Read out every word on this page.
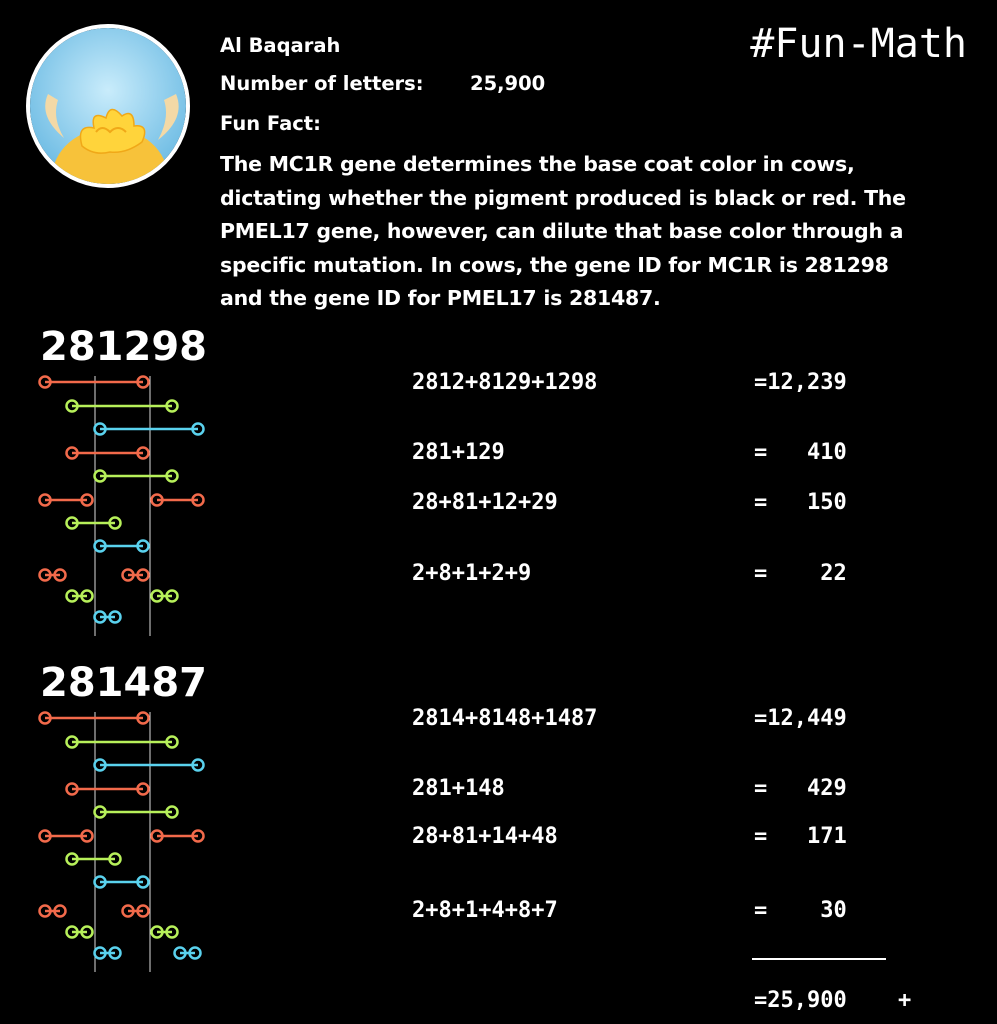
Al Baqarah
Number of letters: 25,900
Fun Fact:
#Fun-Math
The MC1R gene determines the base coat color in cows,
dictating whether the pigment produced is black or red. The
PMEL17 gene, however, can dilute that base color through a
specific mutation. In cows, the gene ID for MC1R is 281298
and the gene ID for PMEL17 is 281487.
281298
2812+8129+1298	=12,239
281+129	=   410
28+81+12+29	=   150
2+8+1+2+9	=    22
281487
2814+8148+1487	=12,449
281+148	=   429
28+81+14+48	=   171
2+8+1+4+8+7	=    30
=25,900 +
